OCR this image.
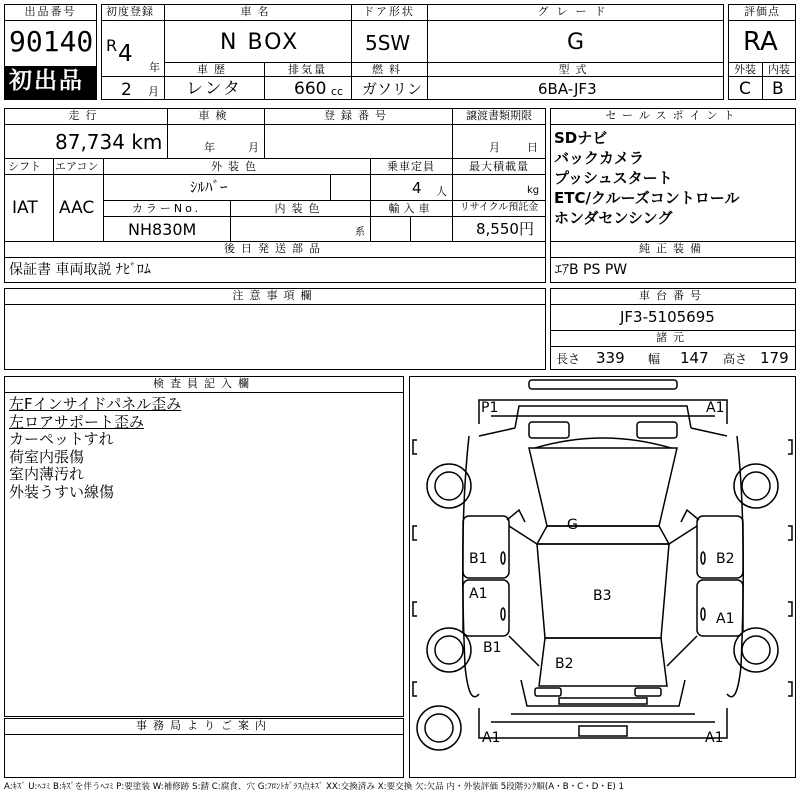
出品番号
90140
初出品
初度登録
R 4
年
2 月
車名
N BOX
ドア形状
5SW
グレード
G
車歴
レンタ
排気量
660 cc
燃料
ガソリン
型式
6BA-JF3
評価点
RA
外装	内装
C B
走行
87,734 km
車検
年	月
登録番号	譲渡書類期限
月 日
シフト
IAT
エアコン
AAC
外装色
ｼﾙﾊﾞｰ
カラーNo.
NH830M
内装色
系
乗車定員
4 人
最大積載量
kg
輸入車	リサイクル預託金
8,550円
後日発送部品
保証書 車両取説 ﾅﾋﾞﾛﾑ
セールスポイント
SDナビ
バックカメラ
プッシュスタート
ETC/クルーズコントロール
ホンダセンシング
純正装備
ｴｱB PS PW
注意事項欄	車台番号
JF3-5105695
諸元
長さ 339 幅 147 高さ 179
検査員記入欄
左Fインサイドパネル歪み
左ロアサポート歪み
カーペットすれ
荷室内張傷
室内薄汚れ
外装うすい線傷
事務局よりご案内
P1	A1
G
B1	B2
A1	B3
A1
B1
B2
A1	A1
A:ｷｽﾞ U:ﾍｺﾐ B:ｷｽﾞを伴うﾍｺﾐ P:要塗装 W:補修跡 S:錆 C:腐食、穴 G:ﾌﾛﾝﾄｶﾞﾗｽ点ｷｽﾞ XX:交換済み X:要交換 欠:欠品 内・外装評価 5段階ﾗﾝｸ順(A・B・C・D・E) 1
